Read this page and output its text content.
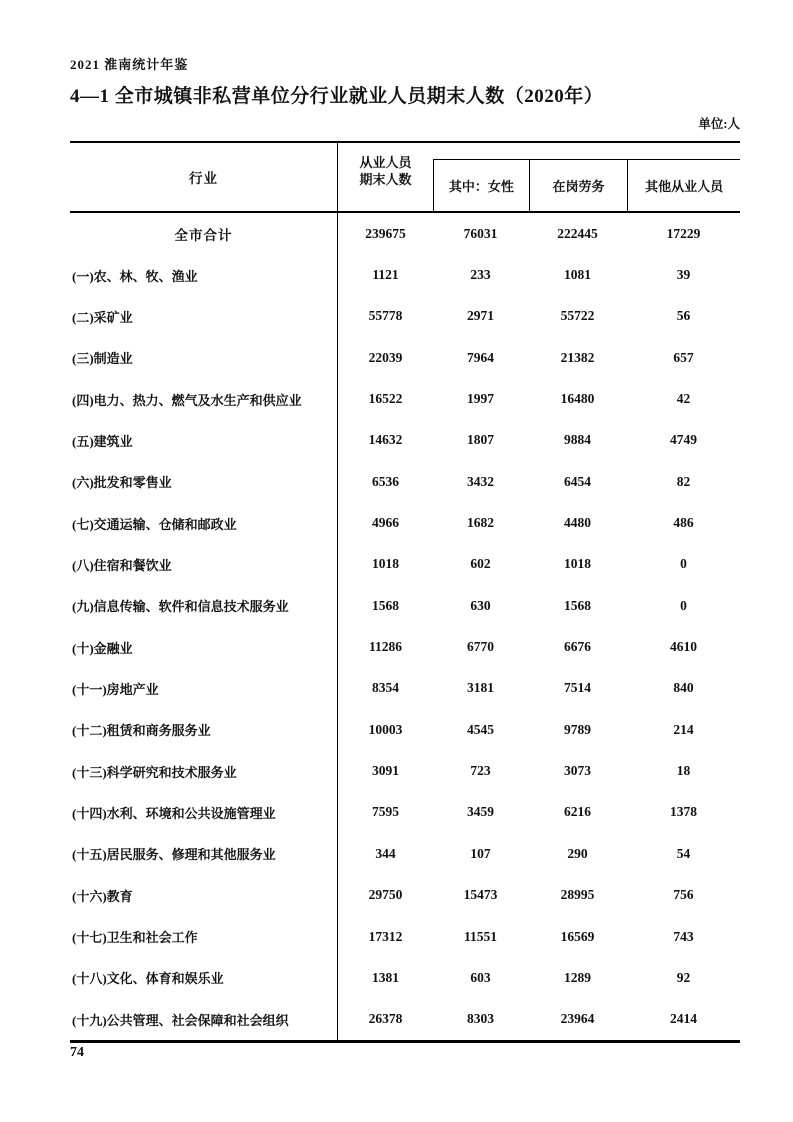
2021 淮南统计年鉴
4—1 全市城镇非私营单位分行业就业人员期末人数（2020年）
单位:人
行业
从业人员
期末人数	其中：女性	在岗劳务	其他从业人员
全市合计	239675	76031	222445	17229
(一)农、林、牧、渔业	1121	233	1081	39
(二)采矿业	55778	2971	55722	56
(三)制造业	22039	7964	21382	657
(四)电力、热力、燃气及水生产和供应业	16522	1997	16480	42
(五)建筑业	14632	1807	9884	4749
(六)批发和零售业	6536	3432	6454	82
(七)交通运输、仓储和邮政业	4966	1682	4480	486
(八)住宿和餐饮业	1018	602	1018	0
(九)信息传输、软件和信息技术服务业	1568	630	1568	0
(十)金融业	11286	6770	6676	4610
(十一)房地产业	8354	3181	7514	840
(十二)租赁和商务服务业	10003	4545	9789	214
(十三)科学研究和技术服务业	3091	723	3073	18
(十四)水利、环境和公共设施管理业	7595	3459	6216	1378
(十五)居民服务、修理和其他服务业	344	107	290	54
(十六)教育	29750	15473	28995	756
(十七)卫生和社会工作	17312	11551	16569	743
(十八)文化、体育和娱乐业	1381	603	1289	92
(十九)公共管理、社会保障和社会组织	26378	8303	23964	2414
74
